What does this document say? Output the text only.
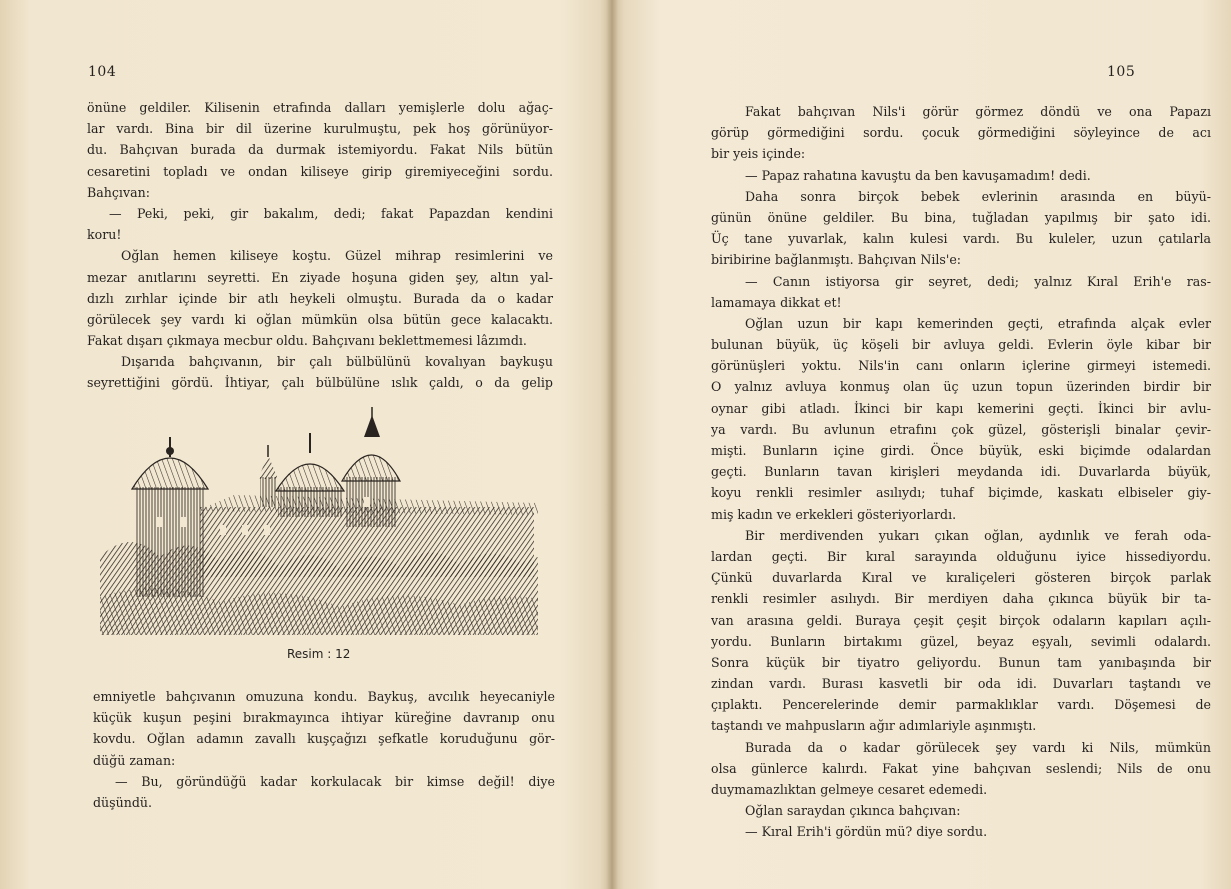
104
önüne geldiler. Kilisenin etrafında dalları yemişlerle dolu ağaç-
lar vardı. Bina bir dil üzerine kurulmuştu, pek hoş görünüyor-
du. Bahçıvan burada da durmak istemiyordu. Fakat Nils bütün
cesaretini topladı ve ondan kiliseye girip giremiyeceğini sordu.
Bahçıvan:
— Peki, peki, gir bakalım, dedi; fakat Papazdan kendini
koru!
Oğlan hemen kiliseye koştu. Güzel mihrap resimlerini ve
mezar anıtlarını seyretti. En ziyade hoşuna giden şey, altın yal-
dızlı zırhlar içinde bir atlı heykeli olmuştu. Burada da o kadar
görülecek şey vardı ki oğlan mümkün olsa bütün gece kalacaktı.
Fakat dışarı çıkmaya mecbur oldu. Bahçıvanı beklettmemesi lâzımdı.
Dışarıda bahçıvanın, bir çalı bülbülünü kovalıyan baykuşu
seyrettiğini gördü. İhtiyar, çalı bülbülüne ıslık çaldı, o da gelip
Resim : 12
emniyetle bahçıvanın omuzuna kondu. Baykuş, avcılık heyecaniyle
küçük kuşun peşini bırakmayınca ihtiyar küreğine davranıp onu
kovdu. Oğlan adamın zavallı kuşçağızı şefkatle koruduğunu gör-
düğü zaman:
— Bu, göründüğü kadar korkulacak bir kimse değil! diye
düşündü.
105
Fakat bahçıvan Nils'i görür görmez döndü ve ona Papazı
görüp görmediğini sordu. çocuk görmediğini söyleyince de acı
bir yeis içinde:
— Papaz rahatına kavuştu da ben kavuşamadım! dedi.
Daha sonra birçok bebek evlerinin arasında en büyü-
günün önüne geldiler. Bu bina, tuğladan yapılmış bir şato idi.
Üç tane yuvarlak, kalın kulesi vardı. Bu kuleler, uzun çatılarla
biribirine bağlanmıştı. Bahçıvan Nils'e:
— Canın istiyorsa gir seyret, dedi; yalnız Kıral Erih'e ras-
lamamaya dikkat et!
Oğlan uzun bir kapı kemerinden geçti, etrafında alçak evler
bulunan büyük, üç köşeli bir avluya geldi. Evlerin öyle kibar bir
görünüşleri yoktu. Nils'in canı onların içlerine girmeyi istemedi.
O yalnız avluya konmuş olan üç uzun topun üzerinden birdir bir
oynar gibi atladı. İkinci bir kapı kemerini geçti. İkinci bir avlu-
ya vardı. Bu avlunun etrafını çok güzel, gösterişli binalar çevir-
mişti. Bunların içine girdi. Önce büyük, eski biçimde odalardan
geçti. Bunların tavan kirişleri meydanda idi. Duvarlarda büyük,
koyu renkli resimler asılıydı; tuhaf biçimde, kaskatı elbiseler giy-
miş kadın ve erkekleri gösteriyorlardı.
Bir merdivenden yukarı çıkan oğlan, aydınlık ve ferah oda-
lardan geçti. Bir kıral sarayında olduğunu iyice hissediyordu.
Çünkü duvarlarda Kıral ve kıraliçeleri gösteren birçok parlak
renkli resimler asılıydı. Bir merdiyen daha çıkınca büyük bir ta-
van arasına geldi. Buraya çeşit çeşit birçok odaların kapıları açılı-
yordu. Bunların birtakımı güzel, beyaz eşyalı, sevimli odalardı.
Sonra küçük bir tiyatro geliyordu. Bunun tam yanıbaşında bir
zindan vardı. Burası kasvetli bir oda idi. Duvarları taştandı ve
çıplaktı. Pencerelerinde demir parmaklıklar vardı. Döşemesi de
taştandı ve mahpusların ağır adımlariyle aşınmıştı.
Burada da o kadar görülecek şey vardı ki Nils, mümkün
olsa günlerce kalırdı. Fakat yine bahçıvan seslendi; Nils de onu
duymamazlıktan gelmeye cesaret edemedi.
Oğlan saraydan çıkınca bahçıvan:
— Kıral Erih'i gördün mü? diye sordu.
